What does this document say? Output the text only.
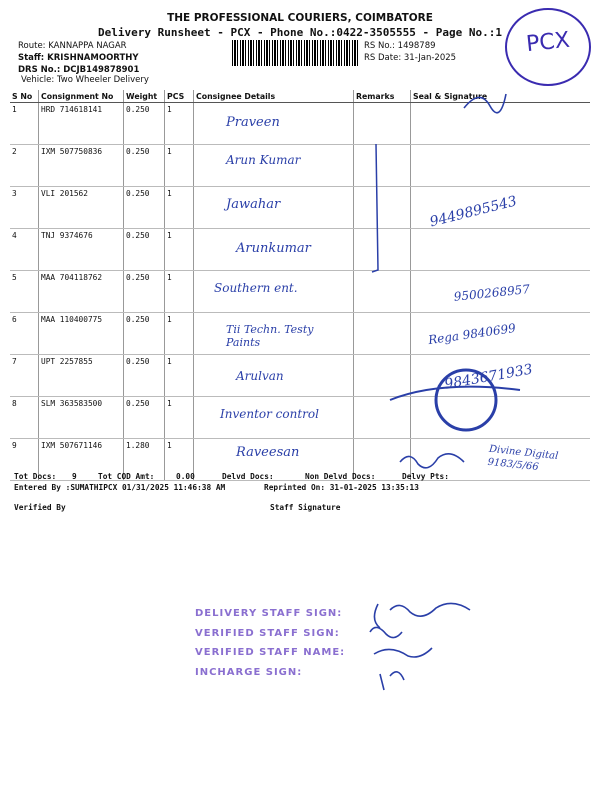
THE PROFESSIONAL COURIERS, COIMBATORE
Delivery Runsheet - PCX - Phone No.:0422-3505555 - Page No.:1
Route: KANNAPPA NAGAR
Staff: KRISHNAMOORTHY
DRS No.: DCJB149878901
Vehicle: Two Wheeler Delivery
RS No.: 1498789
RS Date: 31-Jan-2025
PCX
S No	Consignment No	Weight	PCS	Consignee Details	Remarks	Seal & Signature
1	HRD 714618141	0.250	1	Praveen		

2	IXM 507750836	0.250	1	Arun Kumar		

3	VLI 201562	0.250	1	Jawahar		9449895543

4	TNJ 9374676	0.250	1	Arunkumar		

5	MAA 704118762	0.250	1	Southern ent.		9500268957

6	MAA 110400775	0.250	1	Tii Techn. Testy Paints		Rega 9840699

7	UPT 2257855	0.250	1	Arulvan		9843671933

8	SLM 363583500	0.250	1	Inventor control		

9	IXM 507671146	1.280	1	Raveesan		

Tot Docs: 9	Tot COD Amt:	0.00	Delvd Docs:	Non Delvd Docs:	Delvy Pts:
Entered By :SUMATHIPCX 01/31/2025 11:46:38 AM	Reprinted On: 31-01-2025 13:35:13
Divine Digital 9183/5/66
Verified By	Staff Signature
DELIVERY STAFF SIGN:
VERIFIED STAFF SIGN:
VERIFIED STAFF NAME:
INCHARGE SIGN:
